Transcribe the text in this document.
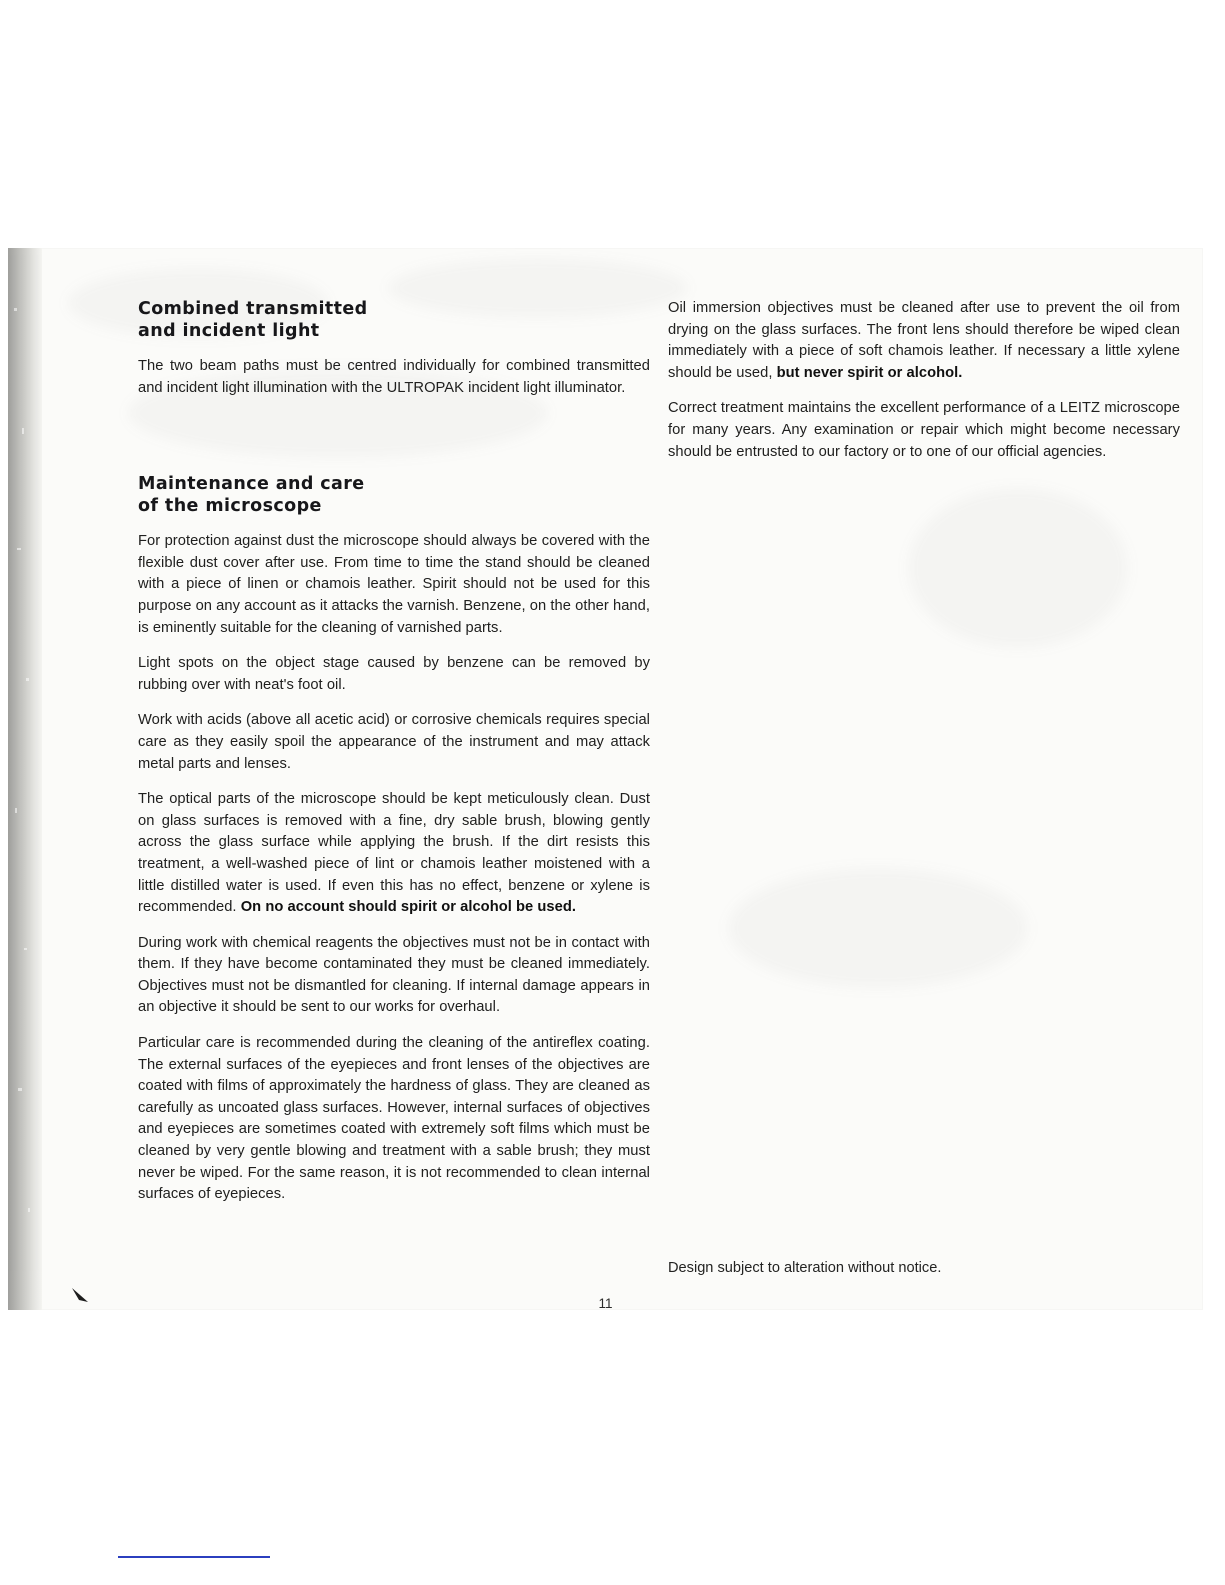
Combined transmitted
and incident light

The two beam paths must be centred individually for combined transmitted and incident light illumination with the ULTROPAK incident light illuminator.

Maintenance and care
of the microscope

For protection against dust the microscope should always be covered with the flexible dust cover after use. From time to time the stand should be cleaned with a piece of linen or chamois leather. Spirit should not be used for this purpose on any account as it attacks the varnish. Benzene, on the other hand, is eminently suitable for the cleaning of varnished parts.

Light spots on the object stage caused by benzene can be removed by rubbing over with neat's foot oil.

Work with acids (above all acetic acid) or corrosive chemicals requires special care as they easily spoil the appearance of the instrument and may attack metal parts and lenses.

The optical parts of the microscope should be kept meticulously clean. Dust on glass surfaces is removed with a fine, dry sable brush, blowing gently across the glass surface while applying the brush. If the dirt resists this treatment, a well-washed piece of lint or chamois leather moistened with a little distilled water is used. If even this has no effect, benzene or xylene is recommended. On no account should spirit or alcohol be used.

During work with chemical reagents the objectives must not be in contact with them. If they have become contaminated they must be cleaned immediately. Objectives must not be dismantled for cleaning. If internal damage appears in an objective it should be sent to our works for overhaul.

Particular care is recommended during the cleaning of the antireflex coating. The external surfaces of the eyepieces and front lenses of the objectives are coated with films of approximately the hardness of glass. They are cleaned as carefully as uncoated glass surfaces. However, internal surfaces of objectives and eyepieces are sometimes coated with extremely soft films which must be cleaned by very gentle blowing and treatment with a sable brush; they must never be wiped. For the same reason, it is not recommended to clean internal surfaces of eyepieces.

Oil immersion objectives must be cleaned after use to prevent the oil from drying on the glass surfaces. The front lens should therefore be wiped clean immediately with a piece of soft chamois leather. If necessary a little xylene should be used, but never spirit or alcohol.

Correct treatment maintains the excellent performance of a LEITZ microscope for many years. Any examination or repair which might become necessary should be entrusted to our factory or to one of our official agencies.

Design subject to alteration without notice.
11
